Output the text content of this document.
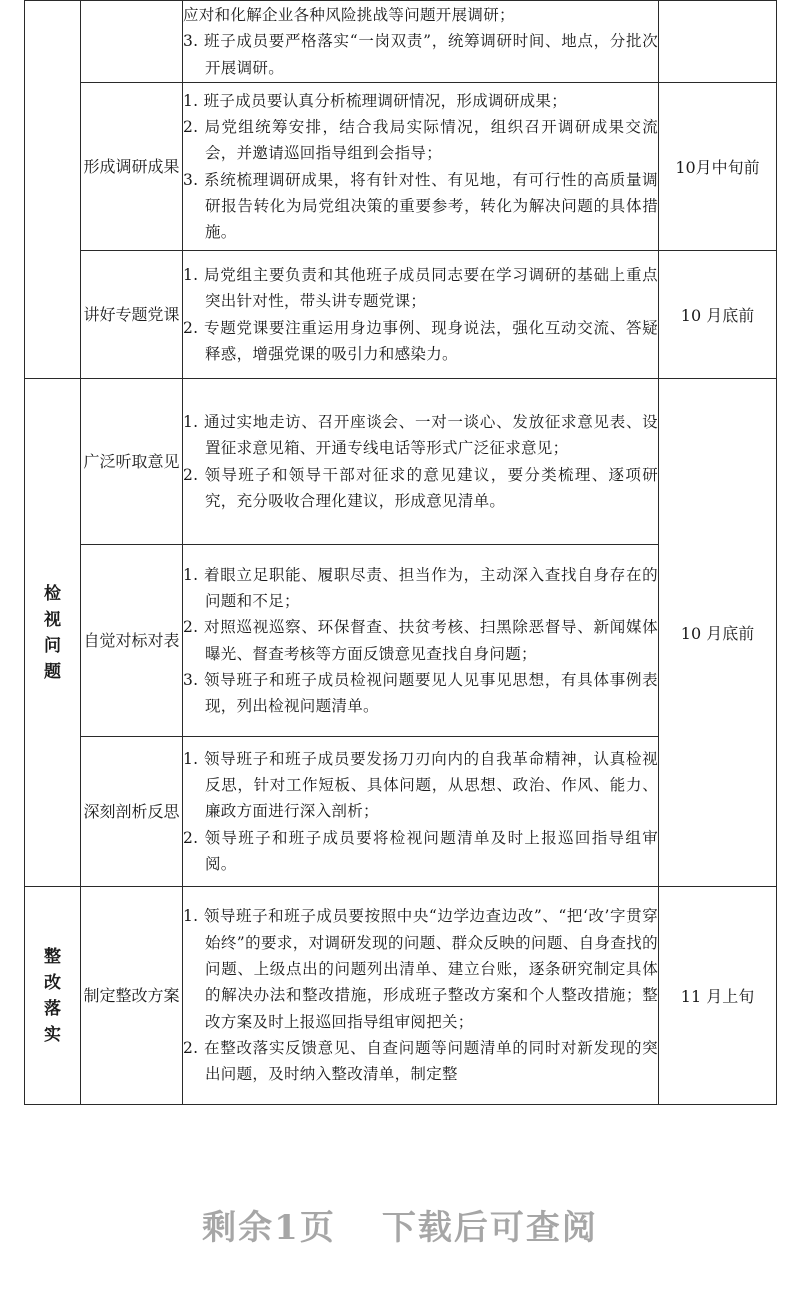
		应对和化解企业各种风险挑战等问题开展调研；

3. 班子成员要严格落实“一岗双责”，统筹调研时间、地点，分批次开展调研。	

	形成调研成果	1. 班子成员要认真分析梳理调研情况，形成调研成果；

2. 局党组统筹安排，结合我局实际情况，组织召开调研成果交流会，并邀请巡回指导组到会指导；

3. 系统梳理调研成果，将有针对性、有见地，有可行性的高质量调研报告转化为局党组决策的重要参考，转化为解决问题的具体措施。	10月中旬前
	讲好专题党课	1. 局党组主要负责和其他班子成员同志要在学习调研的基础上重点突出针对性，带头讲专题党课；

2. 专题党课要注重运用身边事例、现身说法，强化互动交流、答疑释惑，增强党课的吸引力和感染力。	10 月底前
检视问题	广泛听取意见	1. 通过实地走访、召开座谈会、一对一谈心、发放征求意见表、设置征求意见箱、开通专线电话等形式广泛征求意见；

2. 领导班子和领导干部对征求的意见建议，要分类梳理、逐项研究，充分吸收合理化建议，形成意见清单。	10 月底前
	自觉对标对表	1. 着眼立足职能、履职尽责、担当作为，主动深入查找自身存在的问题和不足；

2. 对照巡视巡察、环保督查、扶贫考核、扫黑除恶督导、新闻媒体曝光、督查考核等方面反馈意见查找自身问题；

3. 领导班子和班子成员检视问题要见人见事见思想，有具体事例表现，列出检视问题清单。	

	深刻剖析反思	1. 领导班子和班子成员要发扬刀刃向内的自我革命精神，认真检视反思，针对工作短板、具体问题，从思想、政治、作风、能力、廉政方面进行深入剖析；

2. 领导班子和班子成员要将检视问题清单及时上报巡回指导组审阅。	

整改落实	制定整改方案	1. 领导班子和班子成员要按照中央“边学边查边改”、“把‘改’字贯穿始终”的要求，对调研发现的问题、群众反映的问题、自身查找的问题、上级点出的问题列出清单、建立台账，逐条研究制定具体的解决办法和整改措施，形成班子整改方案和个人整改措施；整改方案及时上报巡回指导组审阅把关；

2. 在整改落实反馈意见、自查问题等问题清单的同时对新发现的突出问题，及时纳入整改清单，制定整	11 月上旬
剩余1页 下载后可查阅
